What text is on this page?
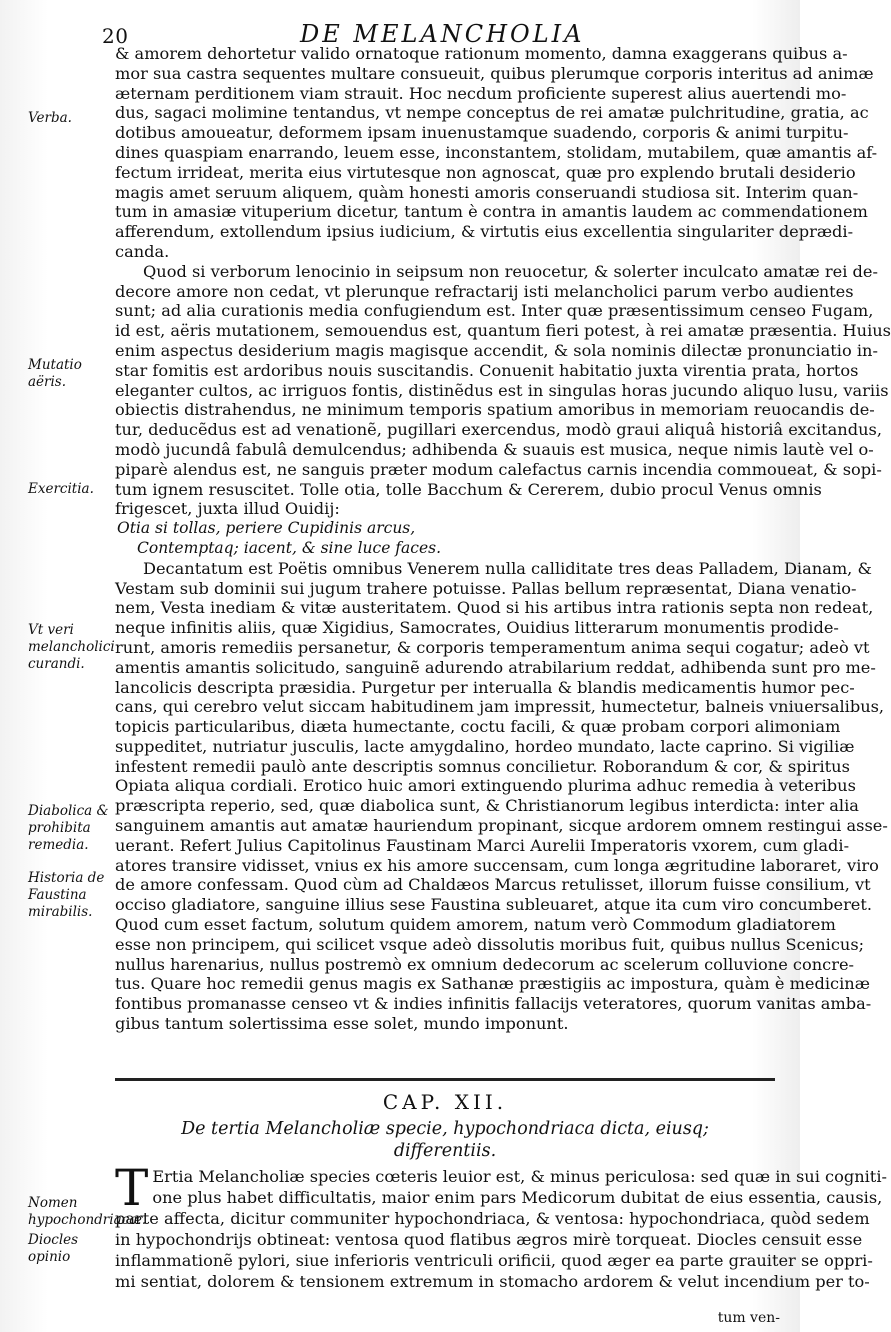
20	DE MELANCHOLIA
& amorem dehortetur valido ornatoque rationum momento, damna exaggerans quibus a-
mor sua castra sequentes multare consueuit, quibus plerumque corporis interitus ad animæ
æternam perditionem viam strauit. Hoc necdum proficiente superest alius auertendi mo-
dus, sagaci molimine tentandus, vt nempe conceptus de rei amatæ pulchritudine, gratia, ac
dotibus amoueatur, deformem ipsam inuenustamque suadendo, corporis & animi turpitu-
dines quaspiam enarrando, leuem esse, inconstantem, stolidam, mutabilem, quæ amantis af-
fectum irrideat, merita eius virtutesque non agnoscat, quæ pro explendo brutali desiderio
magis amet seruum aliquem, quàm honesti amoris conseruandi studiosa sit. Interim quan-
tum in amasiæ vituperium dicetur, tantum è contra in amantis laudem ac commendationem
afferendum, extollendum ipsius iudicium, & virtutis eius excellentia singulariter deprædi-
canda.
Quod si verborum lenocinio in seipsum non reuocetur, & solerter inculcato amatæ rei de-
decore amore non cedat, vt plerunque refractarij isti melancholici parum verbo audientes
sunt; ad alia curationis media confugiendum est. Inter quæ præsentissimum censeo Fugam,
id est, aëris mutationem, semouendus est, quantum fieri potest, à rei amatæ præsentia. Huius
enim aspectus desiderium magis magisque accendit, & sola nominis dilectæ pronunciatio in-
star fomitis est ardoribus nouis suscitandis. Conuenit habitatio juxta virentia prata, hortos
eleganter cultos, ac irriguos fontis, distinẽdus est in singulas horas jucundo aliquo lusu, variis
obiectis distrahendus, ne minimum temporis spatium amoribus in memoriam reuocandis de-
tur, deducẽdus est ad venationẽ, pugillari exercendus, modò graui aliquâ historiâ excitandus,
modò jucundâ fabulâ demulcendus; adhibenda & suauis est musica, neque nimis lautè vel o-
piparè alendus est, ne sanguis præter modum calefactus carnis incendia commoueat, & sopi-
tum ignem resuscitet. Tolle otia, tolle Bacchum & Cererem, dubio procul Venus omnis
frigescet, juxta illud Ouidij:
Otia si tollas, periere Cupidinis arcus,
Contemptaq; iacent, & sine luce faces.
Decantatum est Poëtis omnibus Venerem nulla calliditate tres deas Palladem, Dianam, &
Vestam sub dominii sui jugum trahere potuisse. Pallas bellum repræsentat, Diana venatio-
nem, Vesta inediam & vitæ austeritatem. Quod si his artibus intra rationis septa non redeat,
neque infinitis aliis, quæ Xigidius, Samocrates, Ouidius litterarum monumentis prodide-
runt, amoris remediis persanetur, & corporis temperamentum anima sequi cogatur; adeò vt
amentis amantis solicitudo, sanguinẽ adurendo atrabilarium reddat, adhibenda sunt pro me-
lancolicis descripta præsidia. Purgetur per interualla & blandis medicamentis humor pec-
cans, qui cerebro velut siccam habitudinem jam impressit, humectetur, balneis vniuersalibus,
topicis particularibus, diæta humectante, coctu facili, & quæ probam corpori alimoniam
suppeditet, nutriatur jusculis, lacte amygdalino, hordeo mundato, lacte caprino. Si vigiliæ
infestent remedii paulò ante descriptis somnus concilietur. Roborandum & cor, & spiritus
Opiata aliqua cordiali. Erotico huic amori extinguendo plurima adhuc remedia à veteribus
præscripta reperio, sed, quæ diabolica sunt, & Christianorum legibus interdicta: inter alia
sanguinem amantis aut amatæ hauriendum propinant, sicque ardorem omnem restingui asse-
uerant. Refert Julius Capitolinus Faustinam Marci Aurelii Imperatoris vxorem, cum gladi-
atores transire vidisset, vnius ex his amore succensam, cum longa ægritudine laboraret, viro
de amore confessam. Quod cùm ad Chaldæos Marcus retulisset, illorum fuisse consilium, vt
occiso gladiatore, sanguine illius sese Faustina subleuaret, atque ita cum viro concumberet.
Quod cum esset factum, solutum quidem amorem, natum verò Commodum gladiatorem
esse non principem, qui scilicet vsque adeò dissolutis moribus fuit, quibus nullus Scenicus;
nullus harenarius, nullus postremò ex omnium dedecorum ac scelerum colluvione concre-
tus. Quare hoc remedii genus magis ex Sathanæ præstigiis ac impostura, quàm è medicinæ
fontibus promanasse censeo vt & indies infinitis fallacijs veteratores, quorum vanitas amba-
gibus tantum solertissima esse solet, mundo imponunt.
Verba.
Mutatio aëris.
Exercitia.
Vt veri melancholici curandi.
Diabolica & prohibita remedia.
Historia de Faustina mirabilis.
Nomen hypochondriacæ.
Diocles opinio
CAP. XII.
De tertia Melancholiæ specie, hypochondriaca dicta, eiusq;
differentiis.
T Ertia Melancholiæ species cœteris leuior est, & minus periculosa: sed quæ in sui cogniti-
one plus habet difficultatis, maior enim pars Medicorum dubitat de eius essentia, causis,
parte affecta, dicitur communiter hypochondriaca, & ventosa: hypochondriaca, quòd sedem
in hypochondrijs obtineat: ventosa quod flatibus ægros mirè torqueat. Diocles censuit esse
inflammationẽ pylori, siue inferioris ventriculi orificii, quod æger ea parte grauiter se oppri-
mi sentiat, dolorem & tensionem extremum in stomacho ardorem & velut incendium per to-
tum ven-
